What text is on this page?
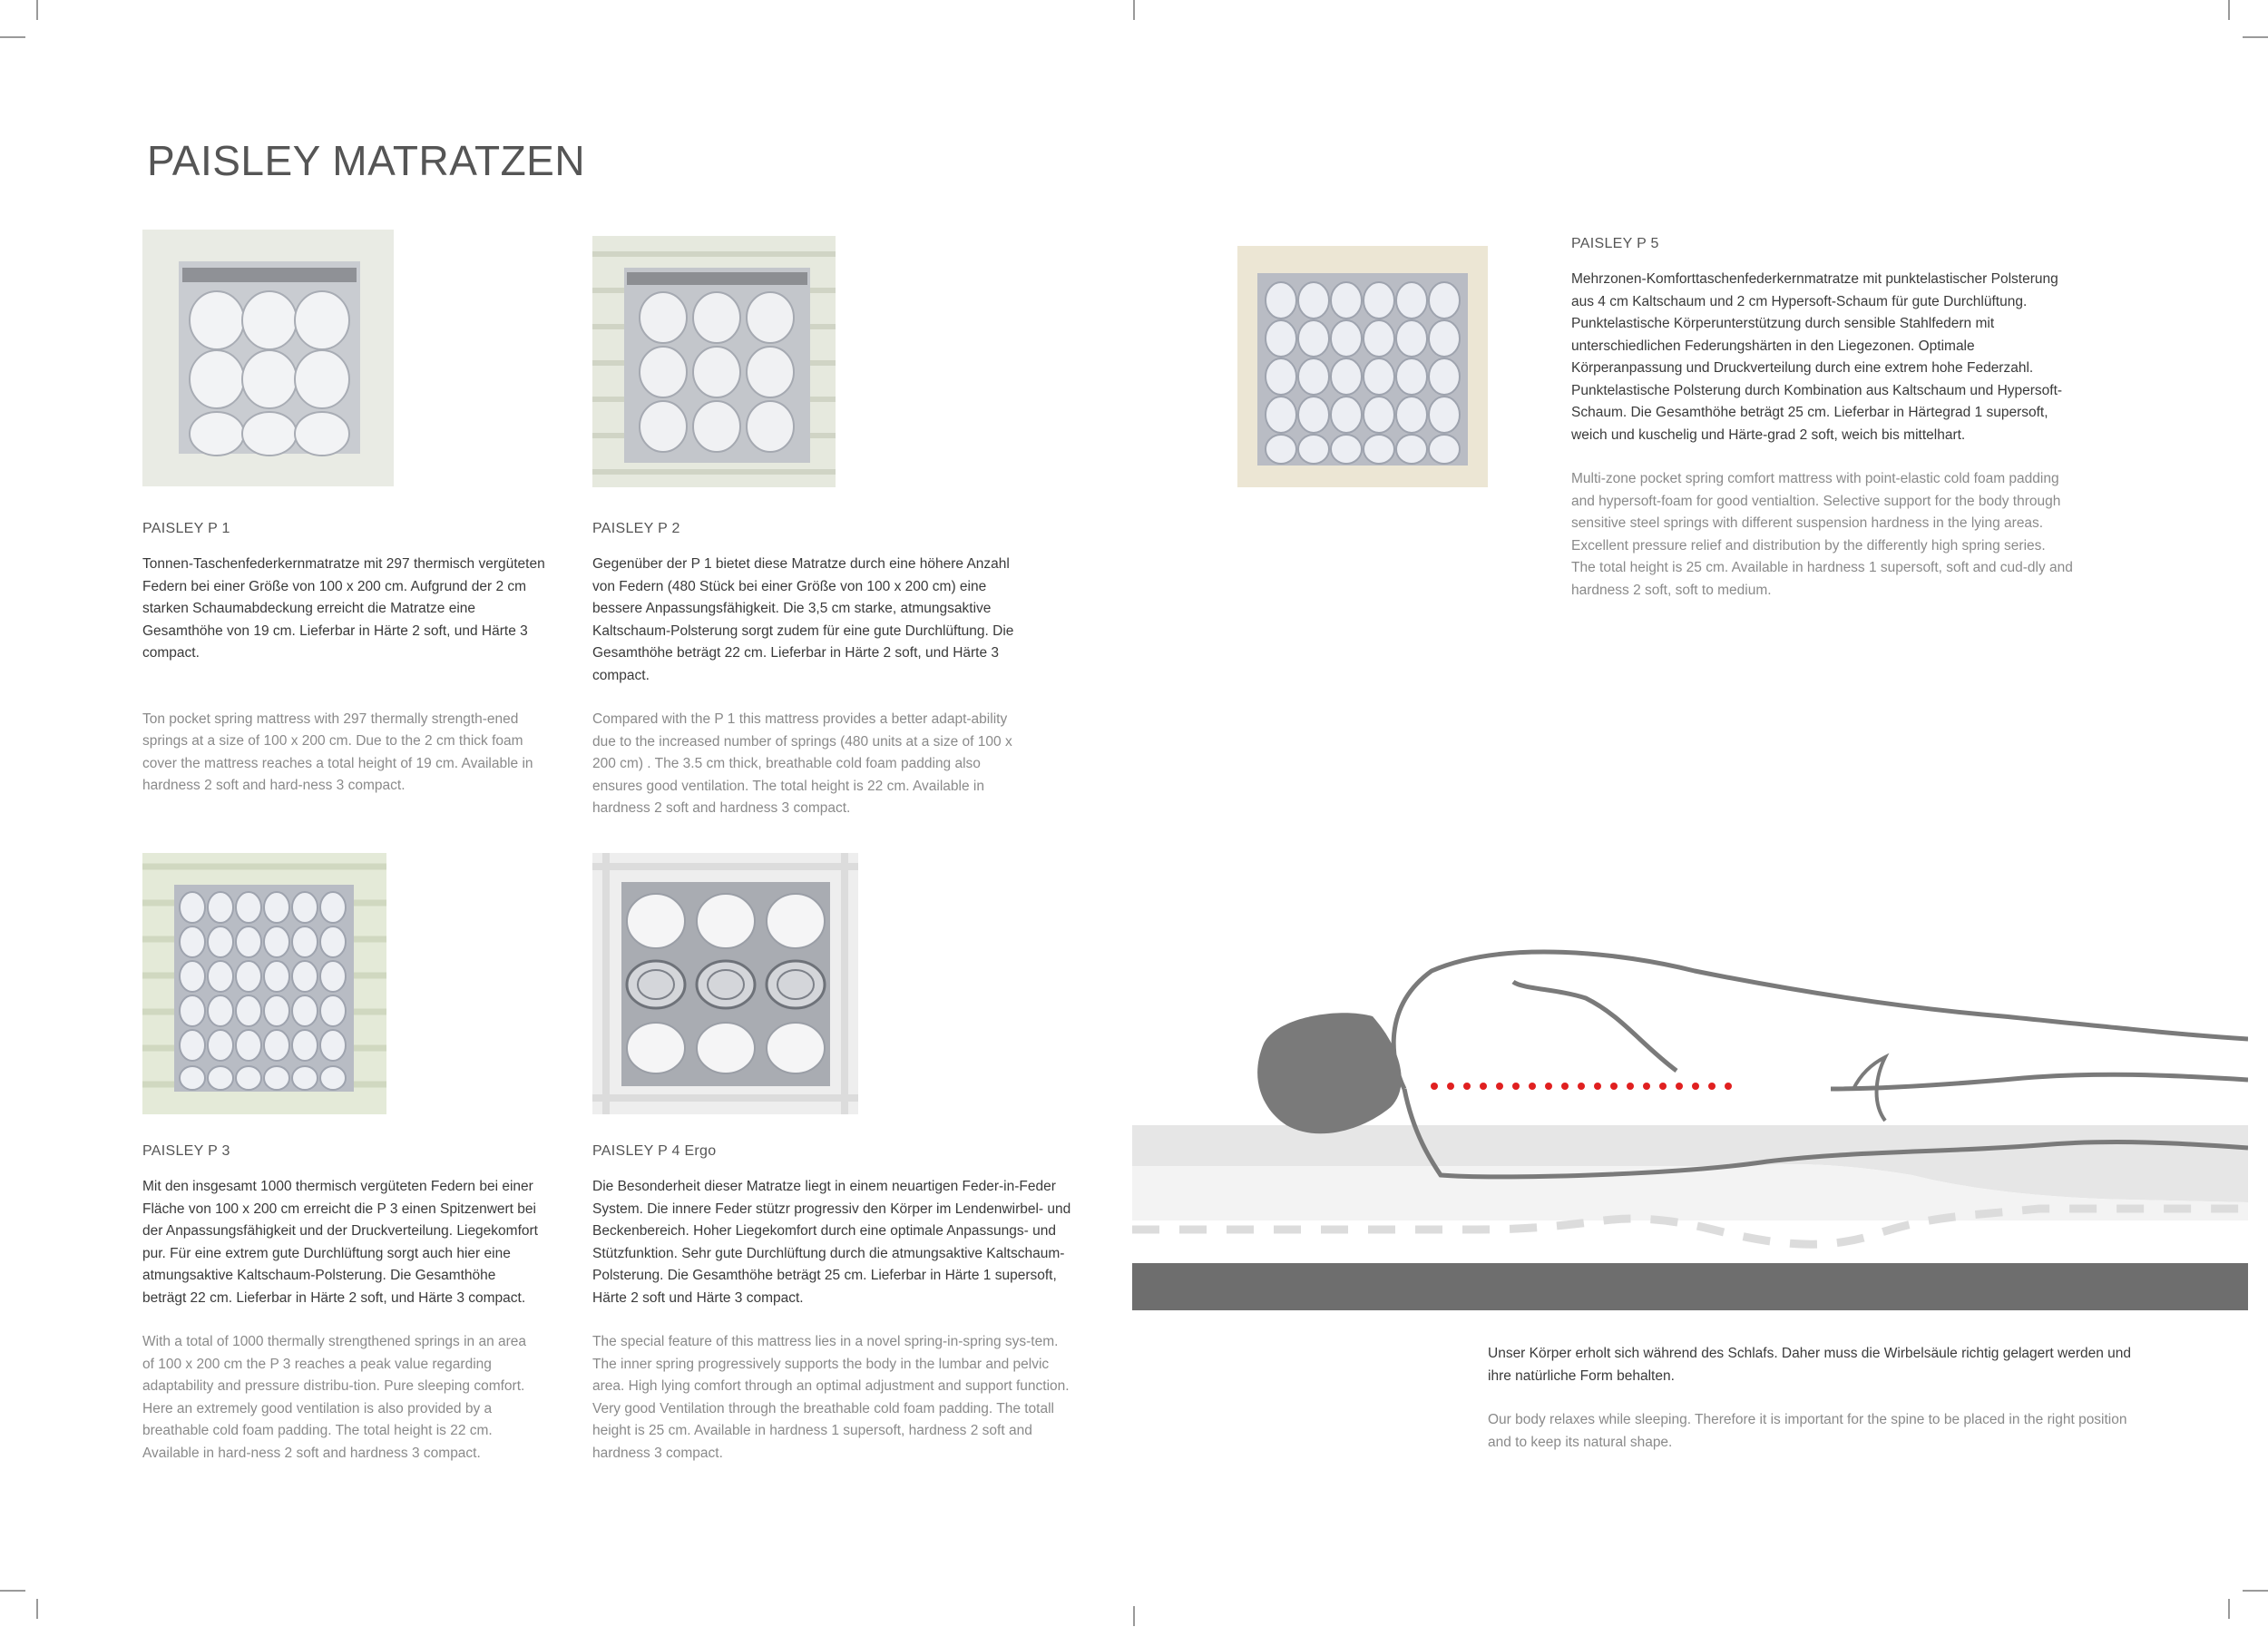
PAISLEY MATRATZEN

PAISLEY P 1

Tonnen-Taschenfederkernmatratze mit 297 thermisch vergüteten Federn bei einer Größe von 100 x 200 cm. Aufgrund der 2 cm starken Schaumabdeckung erreicht die Matratze eine Gesamthöhe von 19 cm. Lieferbar in Härte 2 soft, und Härte 3 compact.

Ton pocket spring mattress with 297 thermally strength-ened springs at a size of 100 x 200 cm. Due to the 2 cm thick foam cover the mattress reaches a total height of 19 cm. Available in hardness 2 soft and hard-ness 3 compact.

PAISLEY P 2

Gegenüber der P 1 bietet diese Matratze durch eine höhere Anzahl von Federn (480 Stück bei einer Größe von 100 x 200 cm) eine bessere Anpassungsfähigkeit. Die 3,5 cm starke, atmungsaktive Kaltschaum-Polsterung sorgt zudem für eine gute Durchlüftung. Die Gesamthöhe beträgt 22 cm. Lieferbar in Härte 2 soft, und Härte 3 compact.

Compared with the P 1 this mattress provides a better adapt-ability due to the increased number of springs (480 units at a size of 100 x 200 cm) . The 3.5 cm thick, breathable cold foam padding also ensures good ventilation. The total height is 22 cm. Available in hardness 2 soft and hardness 3 compact.

PAISLEY P 3

Mit den insgesamt 1000 thermisch vergüteten Federn bei einer Fläche von 100 x 200 cm erreicht die P 3 einen Spitzenwert bei der Anpassungsfähigkeit und der Druckverteilung. Liegekomfort pur. Für eine extrem gute Durchlüftung sorgt auch hier eine atmungsaktive Kaltschaum-Polsterung. Die Gesamthöhe beträgt 22 cm. Lieferbar in Härte 2 soft, und Härte 3 compact.

With a total of 1000 thermally strengthened springs in an area of 100 x 200 cm the P 3 reaches a peak value regarding adaptability and pressure distribu-tion. Pure sleeping comfort. Here an extremely good ventilation is also provided by a breathable cold foam padding. The total height is 22 cm. Available in hard-ness 2 soft and hardness 3 compact.

PAISLEY P 4 Ergo

Die Besonderheit dieser Matratze liegt in einem neuartigen Feder-in-Feder System. Die innere Feder stützr progressiv den Körper im Lendenwirbel- und Beckenbereich. Hoher Liegekomfort durch eine optimale Anpassungs- und Stützfunktion. Sehr gute Durchlüftung durch die atmungsaktive Kaltschaum-Polsterung. Die Gesamthöhe beträgt 25 cm. Lieferbar in Härte 1 supersoft, Härte 2 soft und Härte 3 compact.

The special feature of this mattress lies in a novel spring-in-spring sys-tem. The inner spring progressively supports the body in the lumbar and pelvic area. High lying comfort through an optimal adjustment and support function. Very good Ventilation through the breathable cold foam padding. The totall height is 25 cm. Available in hardness 1 supersoft, hardness 2 soft and hardness 3 compact.

PAISLEY P 5

Mehrzonen-Komforttaschenfederkernmatratze mit punktelastischer Polsterung aus 4 cm Kaltschaum und 2 cm Hypersoft-Schaum für gute Durchlüftung. Punktelastische Körperunterstützung durch sensible Stahlfedern mit unterschiedlichen Federungshärten in den Liegezonen. Optimale Körperanpassung und Druckverteilung durch eine extrem hohe Federzahl. Punktelastische Polsterung durch Kombination aus Kaltschaum und Hypersoft-Schaum. Die Gesamthöhe beträgt 25 cm. Lieferbar in Härtegrad 1 supersoft, weich und kuschelig und Härte-grad 2 soft, weich bis mittelhart.

Multi-zone pocket spring comfort mattress with point-elastic cold foam padding and hypersoft-foam for good ventialtion. Selective support for the body through sensitive steel springs with different suspension hardness in the lying areas. Excellent pressure relief and distribution by the differently high spring series.
The total height is 25 cm. Available in hardness 1 supersoft, soft and cud-dly and hardness 2 soft, soft to medium.

Unser Körper erholt sich während des Schlafs. Daher muss die Wirbelsäule richtig gelagert werden und ihre natürliche Form behalten.

Our body relaxes while sleeping. Therefore it is important for the spine to be placed in the right position and to keep its natural shape.
